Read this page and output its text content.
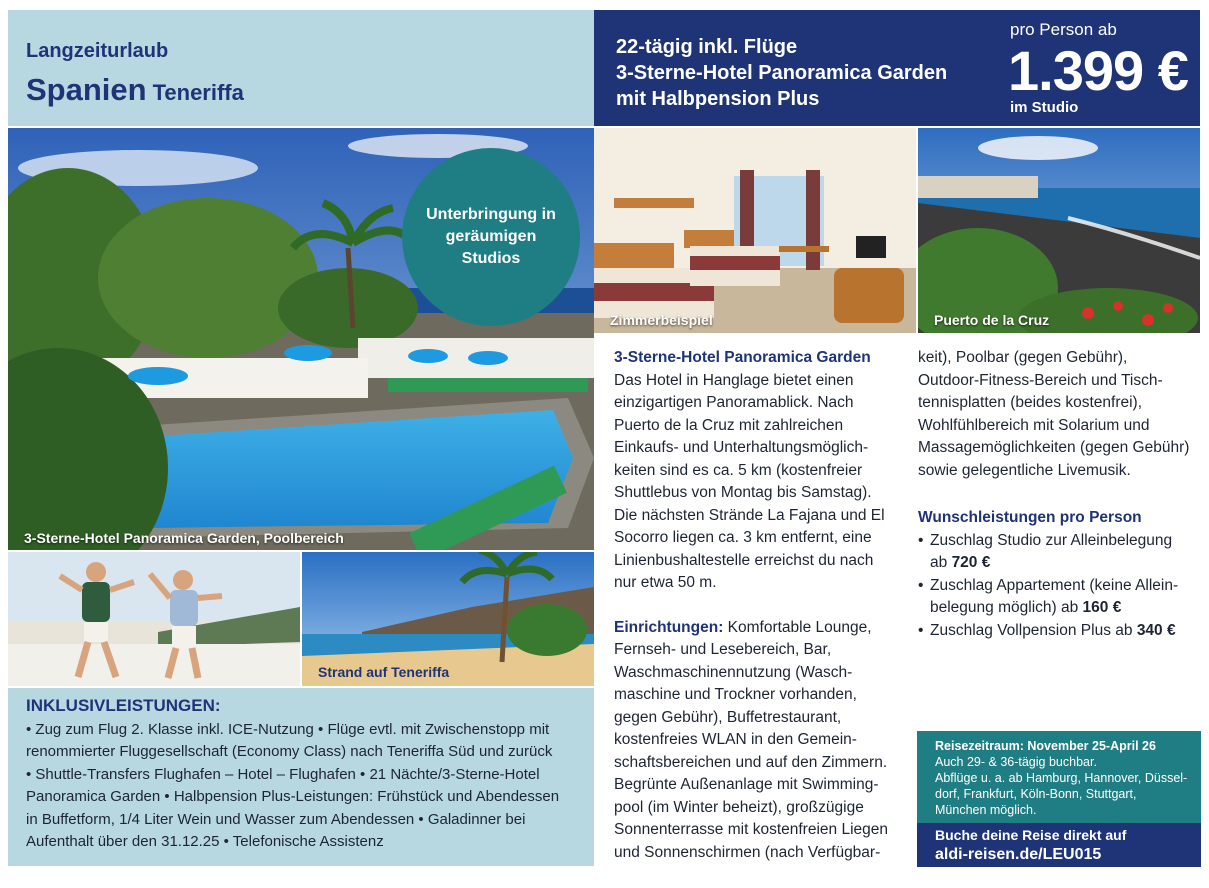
Langzeiturlaub
Spanien Teneriffa
22-tägig inkl. Flüge
3-Sterne-Hotel Panoramica Garden
mit Halbpension Plus
pro Person ab
1.399 €
im Studio
3-Sterne-Hotel Panoramica Garden, Poolbereich
Unterbringung in geräumigen Studios
Strand auf Teneriffa
Zimmerbeispiel	Puerto de la Cruz
INKLUSIVLEISTUNGEN:
• Zug zum Flug 2. Klasse inkl. ICE-Nutzung • Flüge evtl. mit Zwischenstopp mit
renommierter Fluggesellschaft (Economy Class) nach Teneriffa Süd und zurück
• Shuttle-Transfers Flughafen – Hotel – Flughafen • 21 Nächte/3-Sterne-Hotel
Panoramica Garden • Halbpension Plus-Leistungen: Frühstück und Abendessen
in Buffetform, 1/4 Liter Wein und Wasser zum Abendessen • Galadinner bei
Aufenthalt über den 31.12.25 • Telefonische Assistenz

3-Sterne-Hotel Panoramica Garden

Das Hotel in Hanglage bietet einen

einzigartigen Panoramablick. Nach

Puerto de la Cruz mit zahlreichen

Einkaufs- und Unterhaltungsmöglich-

keiten sind es ca. 5 km (kostenfreier

Shuttlebus von Montag bis Samstag).

Die nächsten Strände La Fajana und El

Socorro liegen ca. 3 km entfernt, eine

Linienbushaltestelle erreichst du nach

nur etwa 50 m.

Einrichtungen: Komfortable Lounge,

Fernseh- und Lesebereich, Bar,

Waschmaschinennutzung (Wasch-

maschine und Trockner vorhanden,

gegen Gebühr), Buffetrestaurant,

kostenfreies WLAN in den Gemein-

schaftsbereichen und auf den Zimmern.

Begrünte Außenanlage mit Swimming-

pool (im Winter beheizt), großzügige

Sonnenterrasse mit kostenfreien Liegen

und Sonnenschirmen (nach Verfügbar-

keit), Poolbar (gegen Gebühr),

Outdoor-Fitness-Bereich und Tisch-

tennisplatten (beides kostenfrei),

Wohlfühlbereich mit Solarium und

Massagemöglichkeiten (gegen Gebühr)

sowie gelegentliche Livemusik.

Wunschleistungen pro Person

• Zuschlag Studio zur Alleinbelegung
ab 720 €
• Zuschlag Appartement (keine Allein-
belegung möglich) ab 160 €
• Zuschlag Vollpension Plus ab 340 €
Reisezeitraum: November 25-April 26
Auch 29- & 36-tägig buchbar.
Abflüge u. a. ab Hamburg, Hannover, Düssel-
dorf, Frankfurt, Köln-Bonn, Stuttgart,
München möglich.
Buche deine Reise direkt auf
aldi-reisen.de/LEU015
